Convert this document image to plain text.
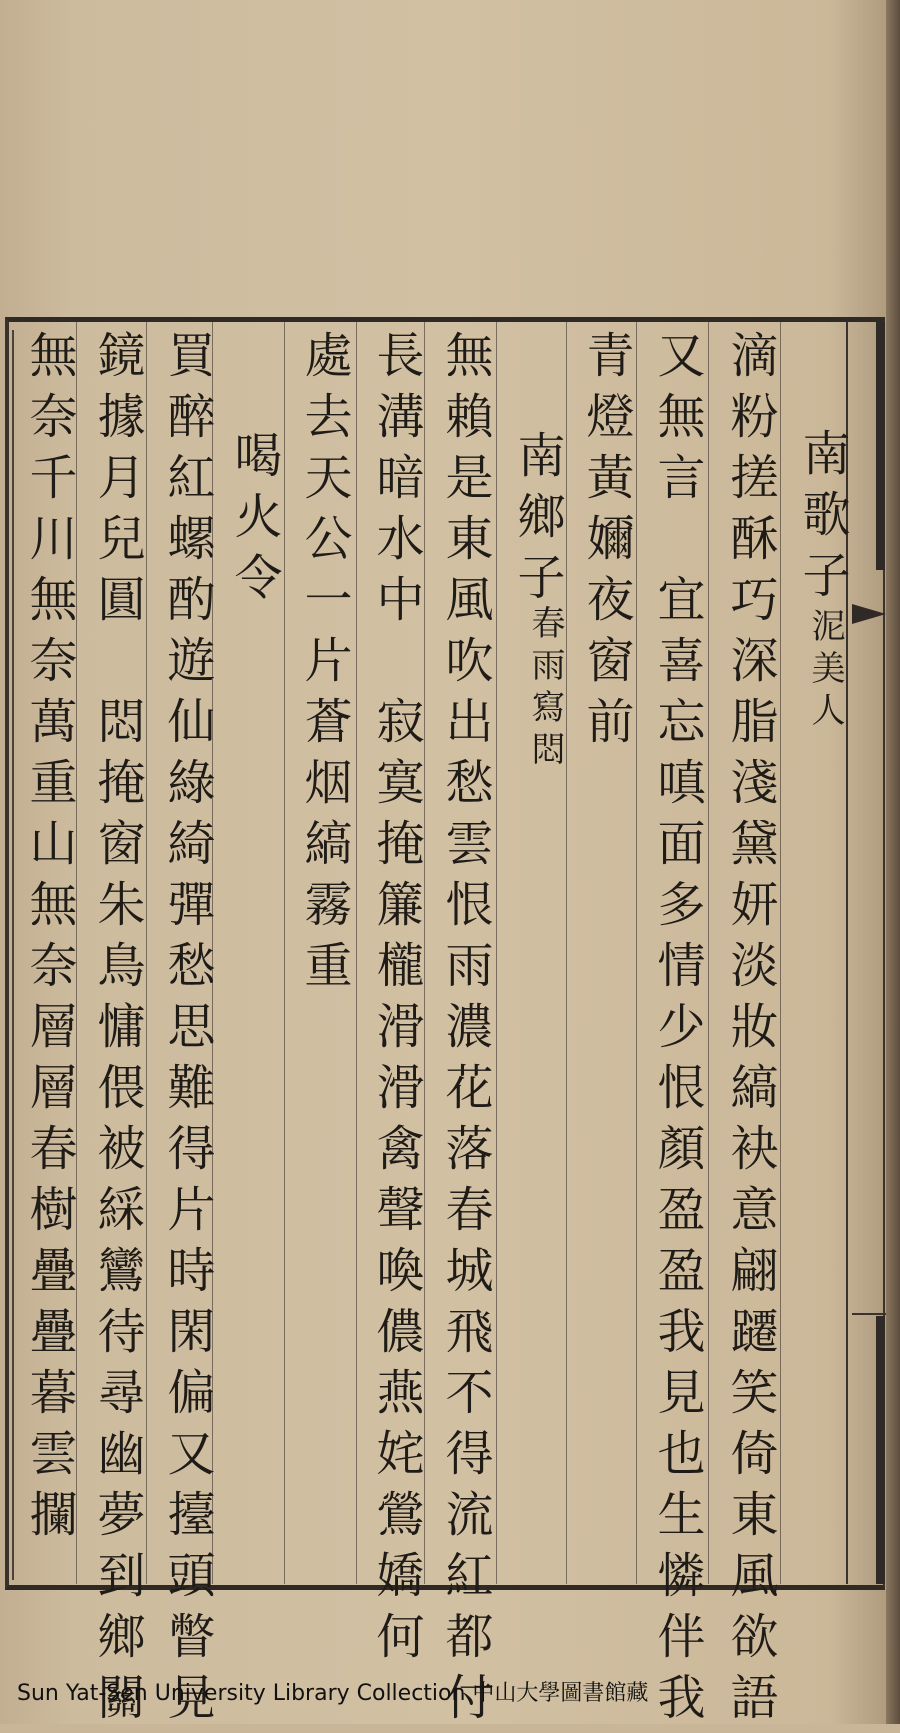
南歌子
泥美人
滴粉搓酥巧深脂淺黛妍淡妝縞袂意翩躚笑倚東風欲語
又無言　宜喜忘嗔面多情少恨顏盈盈我見也生憐伴我
青燈黃嬭夜窗前
南鄉子
春雨寫悶
無賴是東風吹出愁雲恨雨濃花落春城飛不得流紅都付
長溝暗水中　寂寞掩簾櫳滑滑禽聲喚儂燕姹鶯嬌何
處去天公一片蒼烟縞霧重
喝火令
買醉紅螺酌遊仙綠綺彈愁思難得片時閑偏又擡頭瞥見
鏡據月兒圓　悶掩窗朱鳥慵偎被綵鸞待尋幽夢到鄉關
無奈千川無奈萬重山無奈層層春樹疊疊暮雲攔
Sun Yat-Sen University Library Collection 中山大學圖書館藏
